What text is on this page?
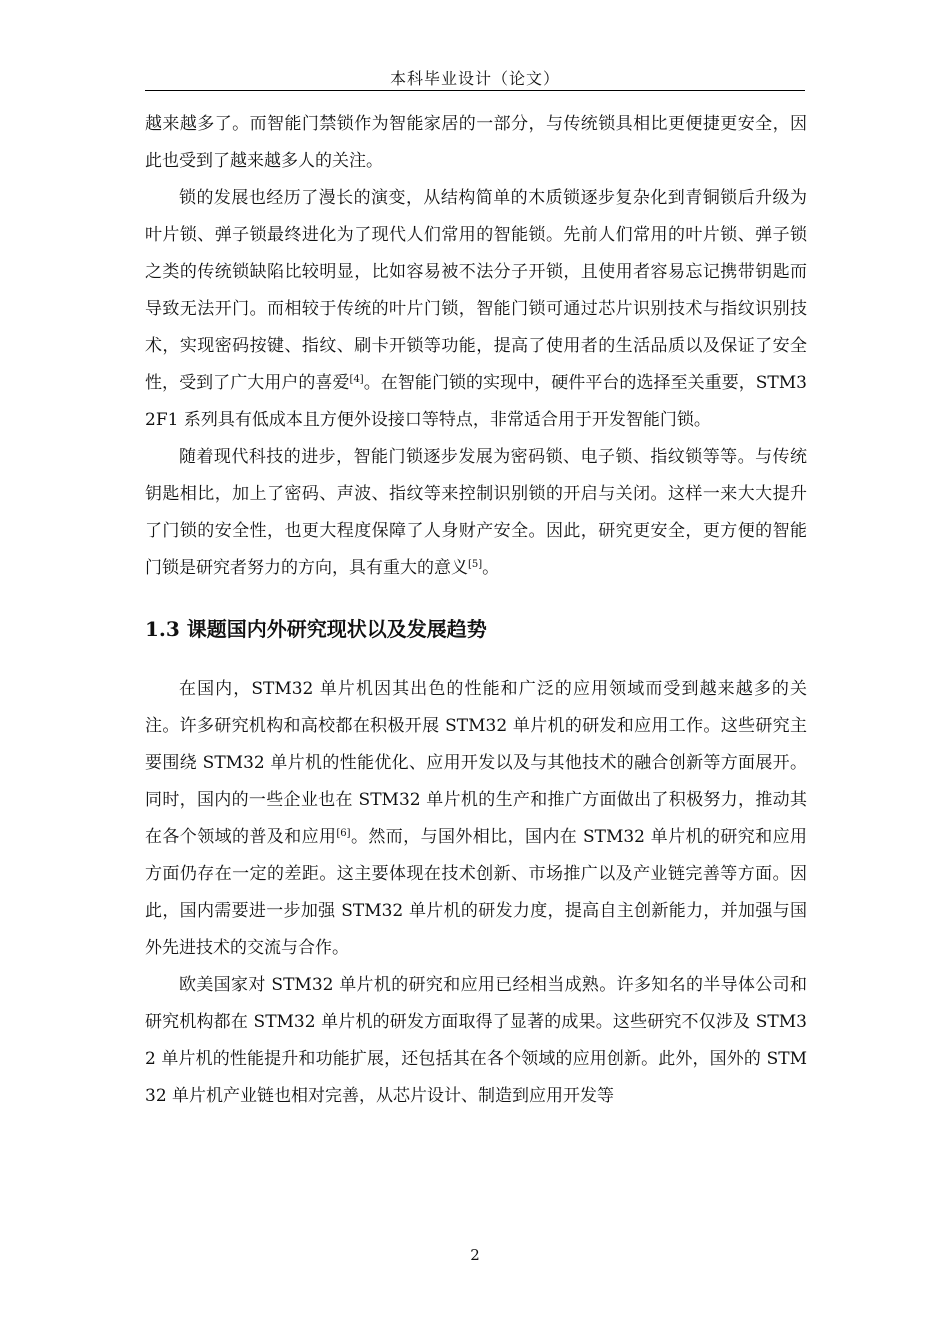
本科毕业设计（论文）

越来越多了。而智能门禁锁作为智能家居的一部分，与传统锁具相比更便捷更安全，因此也受到了越来越多人的关注。

锁的发展也经历了漫长的演变，从结构简单的木质锁逐步复杂化到青铜锁后升级为叶片锁、弹子锁最终进化为了现代人们常用的智能锁。先前人们常用的叶片锁、弹子锁之类的传统锁缺陷比较明显，比如容易被不法分子开锁，且使用者容易忘记携带钥匙而导致无法开门。而相较于传统的叶片门锁，智能门锁可通过芯片识别技术与指纹识别技术，实现密码按键、指纹、刷卡开锁等功能，提高了使用者的生活品质以及保证了安全性，受到了广大用户的喜爱[4]。在智能门锁的实现中，硬件平台的选择至关重要，STM32F1 系列具有低成本且方便外设接口等特点，非常适合用于开发智能门锁。

随着现代科技的进步，智能门锁逐步发展为密码锁、电子锁、指纹锁等等。与传统钥匙相比，加上了密码、声波、指纹等来控制识别锁的开启与关闭。这样一来大大提升了门锁的安全性，也更大程度保障了人身财产安全。因此，研究更安全，更方便的智能门锁是研究者努力的方向，具有重大的意义[5]。

1.3 课题国内外研究现状以及发展趋势

在国内，STM32 单片机因其出色的性能和广泛的应用领域而受到越来越多的关注。许多研究机构和高校都在积极开展 STM32 单片机的研发和应用工作。这些研究主要围绕 STM32 单片机的性能优化、应用开发以及与其他技术的融合创新等方面展开。同时，国内的一些企业也在 STM32 单片机的生产和推广方面做出了积极努力，推动其在各个领域的普及和应用[6]。然而，与国外相比，国内在 STM32 单片机的研究和应用方面仍存在一定的差距。这主要体现在技术创新、市场推广以及产业链完善等方面。因此，国内需要进一步加强 STM32 单片机的研发力度，提高自主创新能力，并加强与国外先进技术的交流与合作。

欧美国家对 STM32 单片机的研究和应用已经相当成熟。许多知名的半导体公司和研究机构都在 STM32 单片机的研发方面取得了显著的成果。这些研究不仅涉及 STM32 单片机的性能提升和功能扩展，还包括其在各个领域的应用创新。此外，国外的 STM32 单片机产业链也相对完善，从芯片设计、制造到应用开发等

2
